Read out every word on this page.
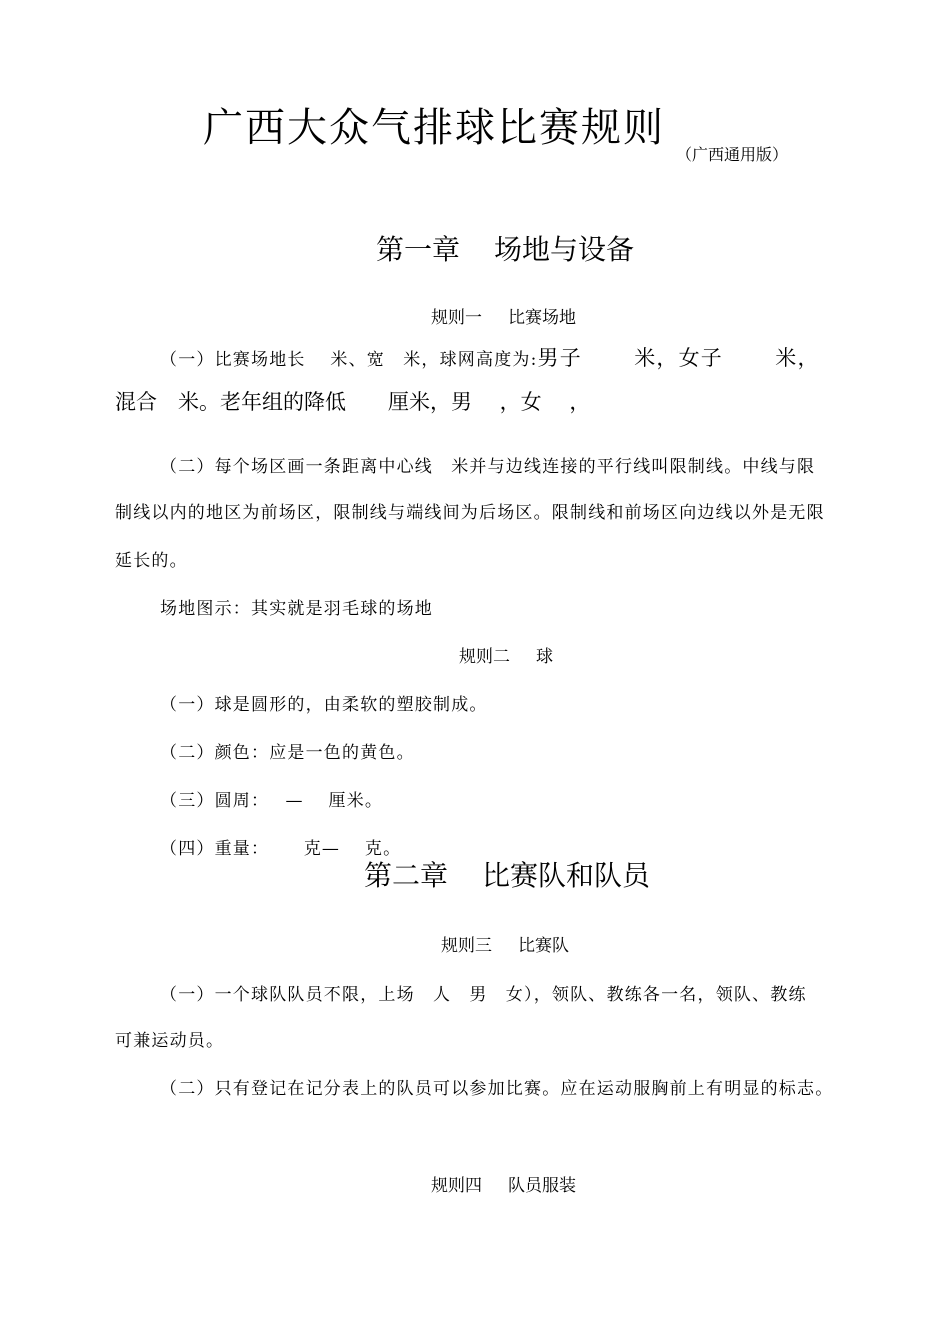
广西大众气排球比赛规则
（广西通用版）
第一章 场地与设备
规则一 比赛场地
（一）比赛场地长　 米、宽　米，球网高度为:男子　　 米，女子　　 米，
混合　米。老年组的降低　　厘米，男　 ，女　 ，
（二）每个场区画一条距离中心线　米并与边线连接的平行线叫限制线。中线与限
制线以内的地区为前场区，限制线与端线间为后场区。限制线和前场区向边线以外是无限
延长的。
场地图示：其实就是羽毛球的场地
规则二 球
（一）球是圆形的，由柔软的塑胶制成。
（二）颜色：应是一色的黄色。
（三）圆周：　 —　 厘米。
（四）重量：　　 克—　 克。
第二章 比赛队和队员
规则三 比赛队
（一）一个球队队员不限，上场　人　男　女），领队、教练各一名，领队、教练
可兼运动员。
（二）只有登记在记分表上的队员可以参加比赛。应在运动服胸前上有明显的标志。
规则四 队员服装
